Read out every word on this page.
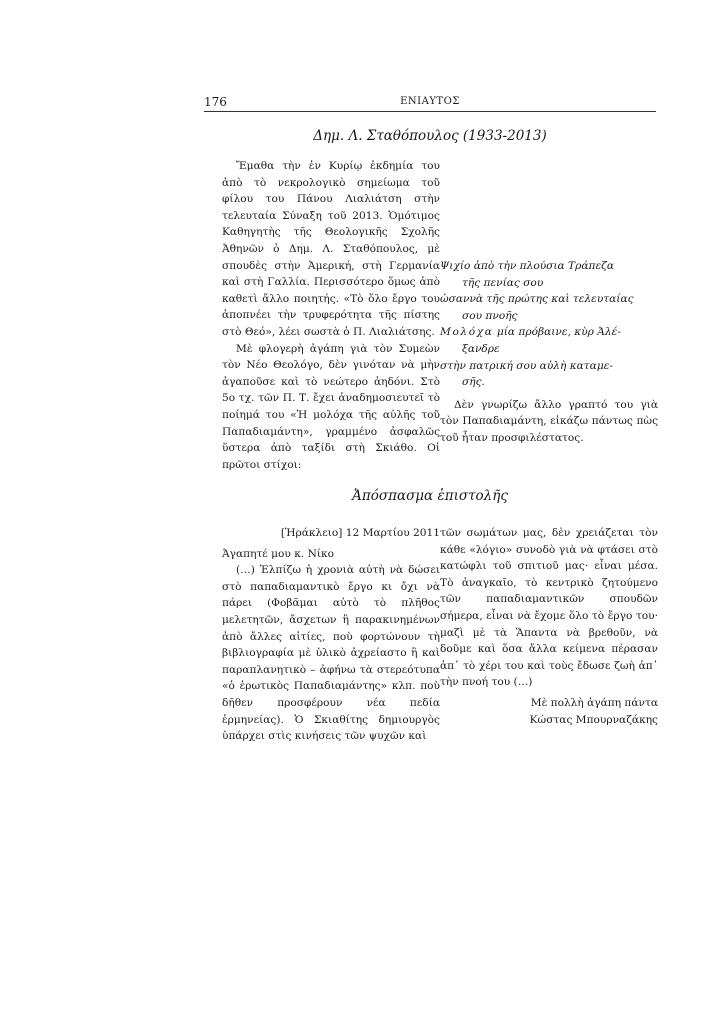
176	ΕΝΙΑΥΤΟΣ
Δημ. Λ. Σταθόπουλος (1933-2013)

Ἔμαθα τὴν ἐν Κυρίῳ ἐκδημία του ἀπὸ τὸ νεκρολογικὸ σημείωμα τοῦ φίλου του Πάνου Λιαλιάτση στὴν τελευταία Σύναξη τοῦ 2013. Ὁμότιμος Καθηγητὴς τῆς Θεολογικῆς Σχολῆς Ἀθηνῶν ὁ Δημ. Λ. Σταθόπουλος, μὲ σπουδὲς στὴν Ἀμερική, στὴ Γερμανία καὶ στὴ Γαλλία. Περισσότερο ὅμως ἀπὸ καθετὶ ἄλλο ποιητής. «Τὸ ὅλο ἔργο του ἀποπνέει τὴν τρυφερότητα τῆς πίστης στὸ Θεό», λέει σωστὰ ὁ Π. Λιαλιάτσης.

Μὲ φλογερὴ ἀγάπη γιὰ τὸν Συμεὼν τὸν Νέο Θεολόγο, δὲν γινόταν νὰ μὴν ἀγαποῦσε καὶ τὸ νεώτερο ἀηδόνι. Στὸ 5ο τχ. τῶν Π. Τ. ἔχει ἀναδημοσιευτεῖ τὸ ποίημά του «Ἡ μολόχα τῆς αὐλῆς τοῦ Παπαδιαμάντη», γραμμένο ἀσφαλῶς ὕστερα ἀπὸ ταξίδι στὴ Σκιάθο. Οἱ πρῶτοι στίχοι:

Ψιχίο ἀπὸ τὴν πλούσια Τράπεζα
τῆς πενίας σου
ὡσαννὰ τῆς πρώτης καὶ τελευταίας
σου πνοῆς
Μολόχα μία πρόβαινε, κὺρ Ἀλέ-
ξανδρε
στὴν πατρική σου αὐλὴ καταμε-
σῆς.

Δὲν γνωρίζω ἄλλο γραπτό του γιὰ τὸν Παπαδιαμάντη, εἰκάζω πάντως πὼς τοῦ ἦταν προσφιλέστατος.

Ἀπόσπασμα ἐπιστολῆς

[Ἡράκλειο] 12 Μαρτίου 2011

Ἀγαπητέ μου κ. Νίκο

(…) Ἐλπίζω ἡ χρονιὰ αὐτὴ νὰ δώσει στὸ παπαδιαμαντικὸ ἔργο κι ὄχι νὰ πάρει (Φοβᾶμαι αὐτὸ τὸ πλῆθος μελετητῶν, ἄσχετων ἢ παρακινημένων ἀπὸ ἄλλες αἰτίες, ποὺ φορτώνουν τὴ βιβλιογραφία μὲ ὑλικὸ ἀχρείαστο ἢ καὶ παραπλανητικὸ – ἀφήνω τὰ στερεότυπα «ὁ ἐρωτικὸς Παπαδιαμάντης» κλπ. ποὺ δῆθεν προσφέρουν νέα πεδία ἑρμηνείας). Ὁ Σκιαθίτης δημιουργὸς ὑπάρχει στὶς κινήσεις τῶν ψυχῶν καὶ

τῶν σωμάτων μας, δὲν χρειάζεται τὸν κάθε «λόγιο» συνοδὸ γιὰ νὰ φτάσει στὸ κατώφλι τοῦ σπιτιοῦ μας· εἶναι μέσα. Τὸ ἀναγκαῖο, τὸ κεντρικὸ ζητούμενο τῶν παπαδιαμαντικῶν σπουδῶν σήμερα, εἶναι νὰ ἔχομε ὅλο τὸ ἔργο του· μαζὶ μὲ τὰ Ἅπαντα νὰ βρεθοῦν, νὰ δοῦμε καὶ ὅσα ἄλλα κείμενα πέρασαν ἀπ᾽ τὸ χέρι του καὶ τοὺς ἔδωσε ζωὴ ἀπ᾽ τὴν πνοή του (…)

Μὲ πολλὴ ἀγάπη πάντα

Κώστας Μπουρναζάκης
